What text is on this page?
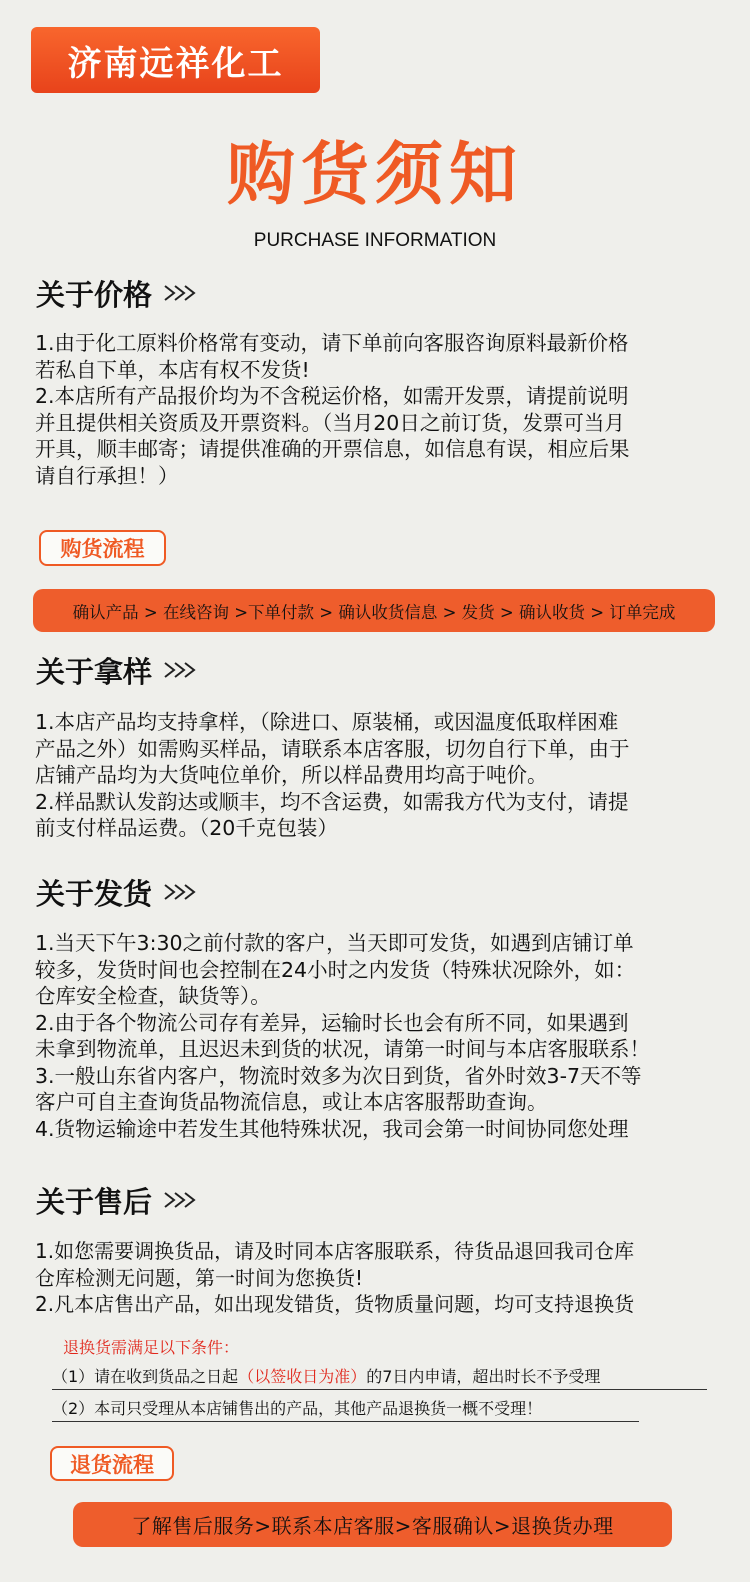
济南远祥化工
购货须知
PURCHASE INFORMATION
关于价格

1.由于化工原料价格常有变动，请下单前向客服咨询原料最新价格

若私自下单，本店有权不发货!

2.本店所有产品报价均为不含税运价格，如需开发票，请提前说明

并且提供相关资质及开票资料。（当月20日之前订货，发票可当月

开具，顺丰邮寄；请提供准确的开票信息，如信息有误，相应后果

请自行承担！）

购货流程
确认产品 > 在线咨询 >下单付款 > 确认收货信息 > 发货 > 确认收货 > 订单完成
关于拿样

1.本店产品均支持拿样，（除进口、原装桶，或因温度低取样困难

产品之外）如需购买样品，请联系本店客服，切勿自行下单，由于

店铺产品均为大货吨位单价，所以样品费用均高于吨价。

2.样品默认发韵达或顺丰，均不含运费，如需我方代为支付，请提

前支付样品运费。（20千克包装）

关于发货

1.当天下午3:30之前付款的客户，当天即可发货，如遇到店铺订单

较多，发货时间也会控制在24小时之内发货（特殊状况除外，如：

仓库安全检查，缺货等）。

2.由于各个物流公司存有差异，运输时长也会有所不同，如果遇到

未拿到物流单，且迟迟未到货的状况，请第一时间与本店客服联系！

3.一般山东省内客户，物流时效多为次日到货，省外时效3-7天不等

客户可自主查询货品物流信息，或让本店客服帮助查询。

4.货物运输途中若发生其他特殊状况，我司会第一时间协同您处理

关于售后

1.如您需要调换货品，请及时同本店客服联系，待货品退回我司仓库

仓库检测无问题，第一时间为您换货!

2.凡本店售出产品，如出现发错货，货物质量问题，均可支持退换货

退换货需满足以下条件：
（1）请在收到货品之日起（以签收日为准）的7日内申请，超出时长不予受理
（2）本司只受理从本店铺售出的产品，其他产品退换货一概不受理！
退货流程
了解售后服务>联系本店客服>客服确认>退换货办理
